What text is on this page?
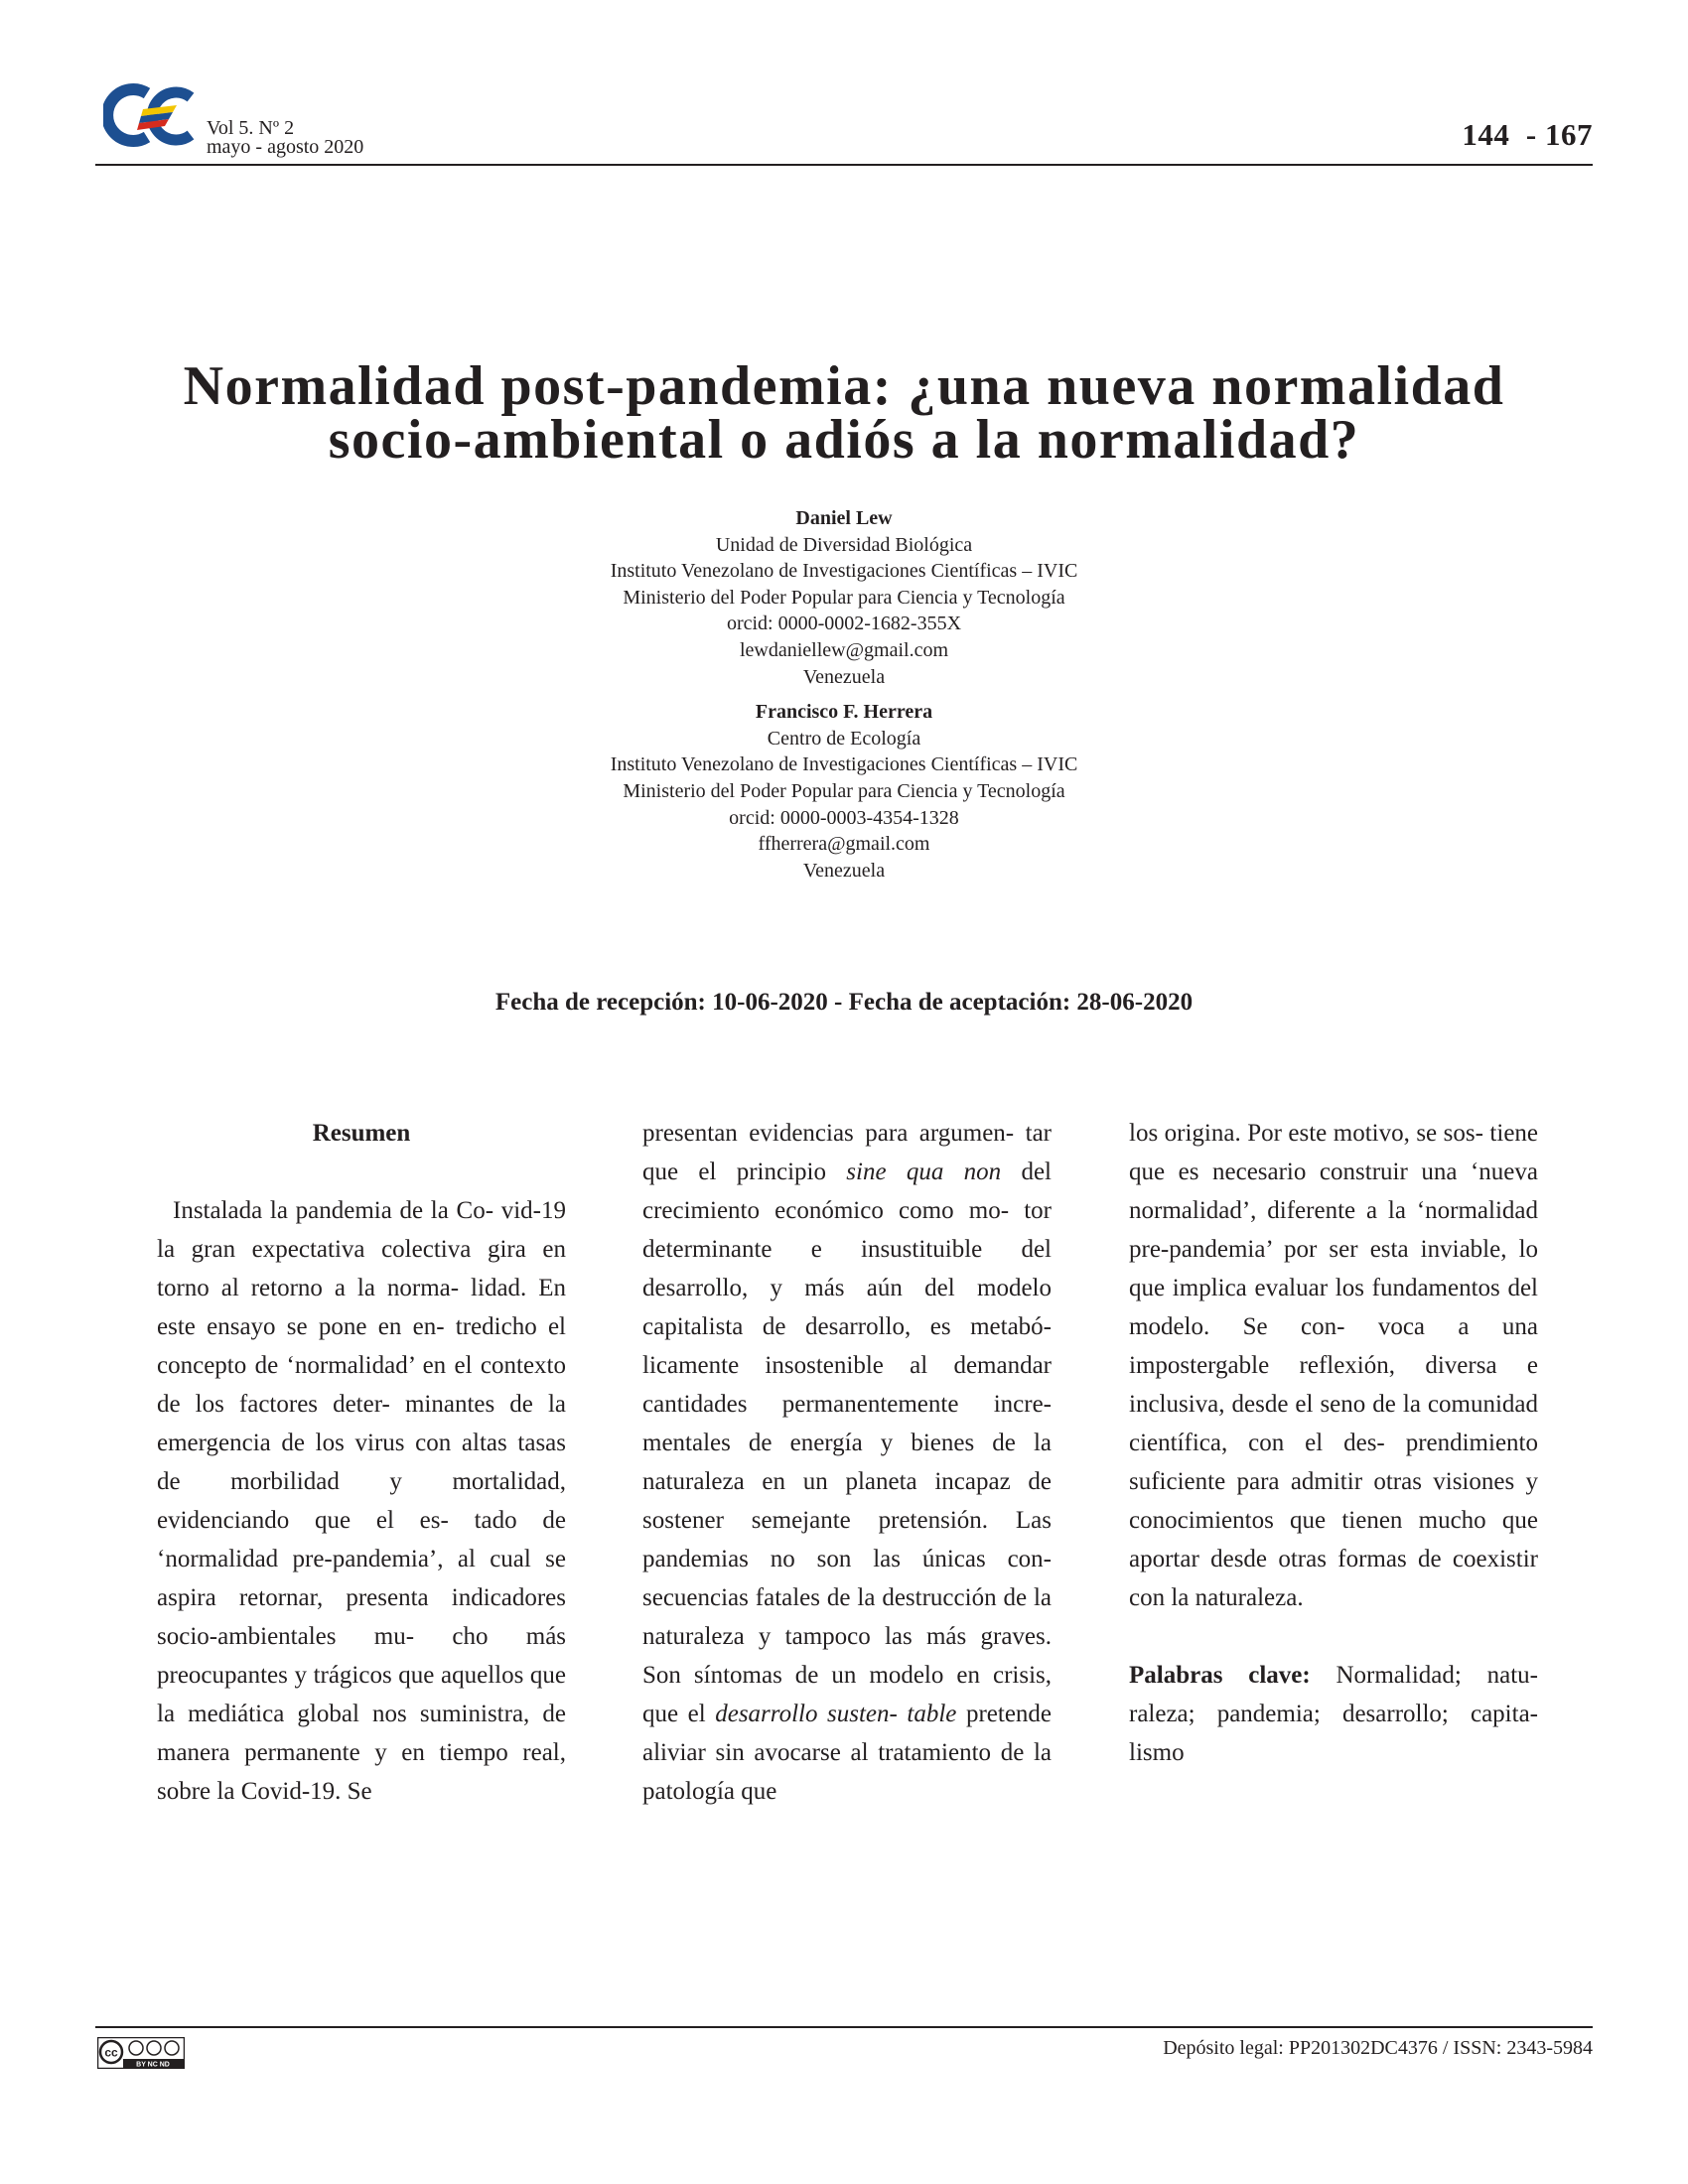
Vol 5. Nº 2
mayo - agosto 2020	144  - 167
Normalidad post-pandemia: ¿una nueva normalidad
socio-ambiental o adiós a la normalidad?
Daniel Lew
Unidad de Diversidad Biológica
Instituto Venezolano de Investigaciones Científicas – IVIC
Ministerio del Poder Popular para Ciencia y Tecnología
orcid: 0000-0002-1682-355X
lewdaniellew@gmail.com
Venezuela
Francisco F. Herrera
Centro de Ecología
Instituto Venezolano de Investigaciones Científicas – IVIC
Ministerio del Poder Popular para Ciencia y Tecnología
orcid: 0000-0003-4354-1328
ffherrera@gmail.com
Venezuela
Fecha de recepción: 10-06-2020 - Fecha de aceptación: 28-06-2020
Resumen

Instalada la pandemia de la Co- vid-19 la gran expectativa colectiva gira en torno al retorno a la norma- lidad. En este ensayo se pone en en- tredicho el concepto de ‘normalidad’ en el contexto de los factores deter- minantes de la emergencia de los virus con altas tasas de morbilidad y mortalidad, evidenciando que el es- tado de ‘normalidad pre-pandemia’, al cual se aspira retornar, presenta indicadores socio-ambientales mu- cho más preocupantes y trágicos que aquellos que la mediática global nos suministra, de manera permanente y en tiempo real, sobre la Covid-19. Se

presentan evidencias para argumen- tar que el principio sine qua non del crecimiento económico como mo- tor determinante e insustituible del desarrollo, y más aún del modelo capitalista de desarrollo, es metabó- licamente insostenible al demandar cantidades permanentemente incre- mentales de energía y bienes de la naturaleza en un planeta incapaz de sostener semejante pretensión. Las pandemias no son las únicas con- secuencias fatales de la destrucción de la naturaleza y tampoco las más graves. Son síntomas de un modelo en crisis, que el desarrollo susten- table pretende aliviar sin avocarse al tratamiento de la patología que

los origina. Por este motivo, se sos- tiene que es necesario construir una ‘nueva normalidad’, diferente a la ‘normalidad pre-pandemia’ por ser esta inviable, lo que implica evaluar los fundamentos del modelo. Se con- voca a una impostergable reflexión, diversa e inclusiva, desde el seno de la comunidad científica, con el des- prendimiento suficiente para admitir otras visiones y conocimientos que tienen mucho que aportar desde otras formas de coexistir con la naturaleza.

Palabras clave: Normalidad; natu- raleza; pandemia; desarrollo; capita- lismo

cc
BY NC ND
Depósito legal: PP201302DC4376 / ISSN: 2343-5984
